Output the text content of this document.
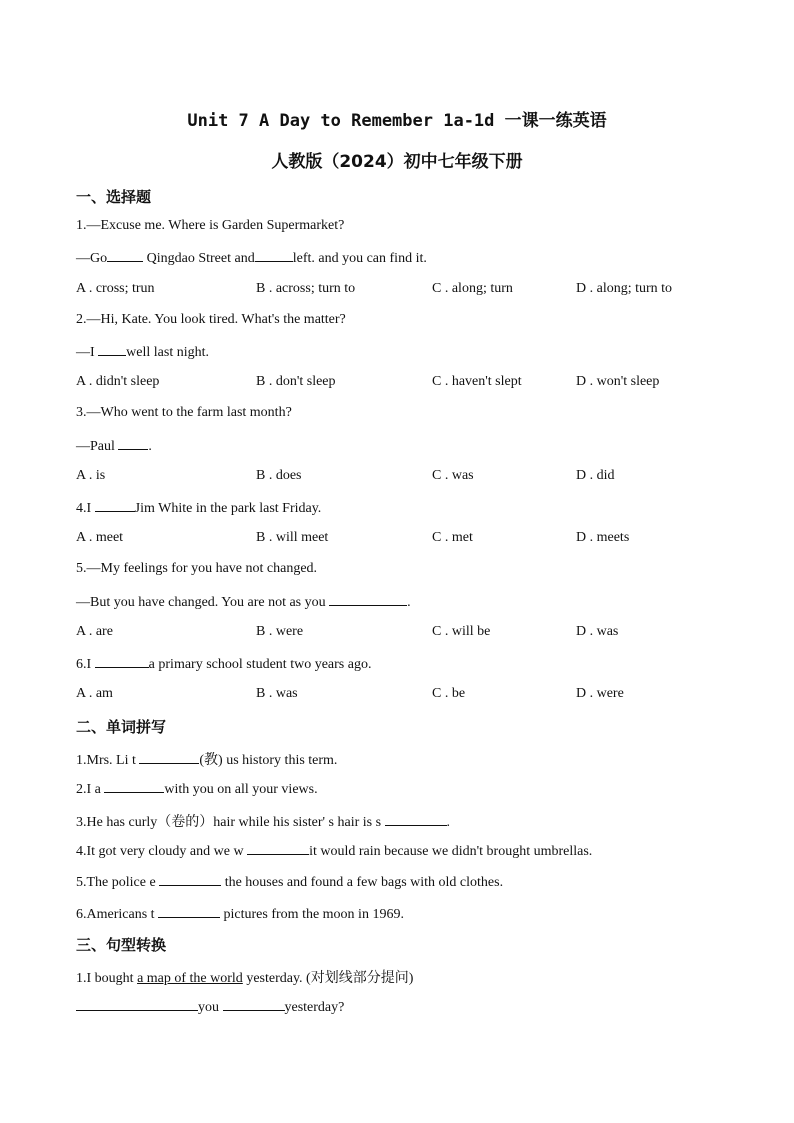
Unit 7 A Day to Remember 1a-1d 一课一练英语
人教版（2024）初中七年级下册
一、选择题
1.—Excuse me. Where is Garden Supermarket?
—Go	Qingdao Street and	left. and you can find it.
A . cross; trun	B . across; turn to	C . along; turn	D . along; turn to
2.—Hi, Kate. You look tired. What's the matter?
—I well last night.
A . didn't sleep	B . don't sleep	C . haven't slept	D . won't sleep
3.—Who went to the farm last month?
—Paul .
A . is	B . does	C . was	D . did
4.I	Jim White in the park last Friday.
A . meet	B . will meet	C . met	D . meets
5.—My feelings for you have not changed.
—But you have changed. You are not as you	.
A . are	B . were	C . will be	D . was
6.I	a primary school student two years ago.
A . am	B . was	C . be	D . were
二、单词拼写
1.Mrs. Li t	(教) us history this term.
2.I a	with you on all your views.
3.He has curly（卷的）hair while his sister' s hair is s	.
4.It got very cloudy and we w	it would rain because we didn't brought umbrellas.
5.The police e	the houses and found a few bags with old clothes.
6.Americans t	pictures from the moon in 1969.
三、句型转换
1.I bought a map of the world yesterday. (对划线部分提问)
you	yesterday?
